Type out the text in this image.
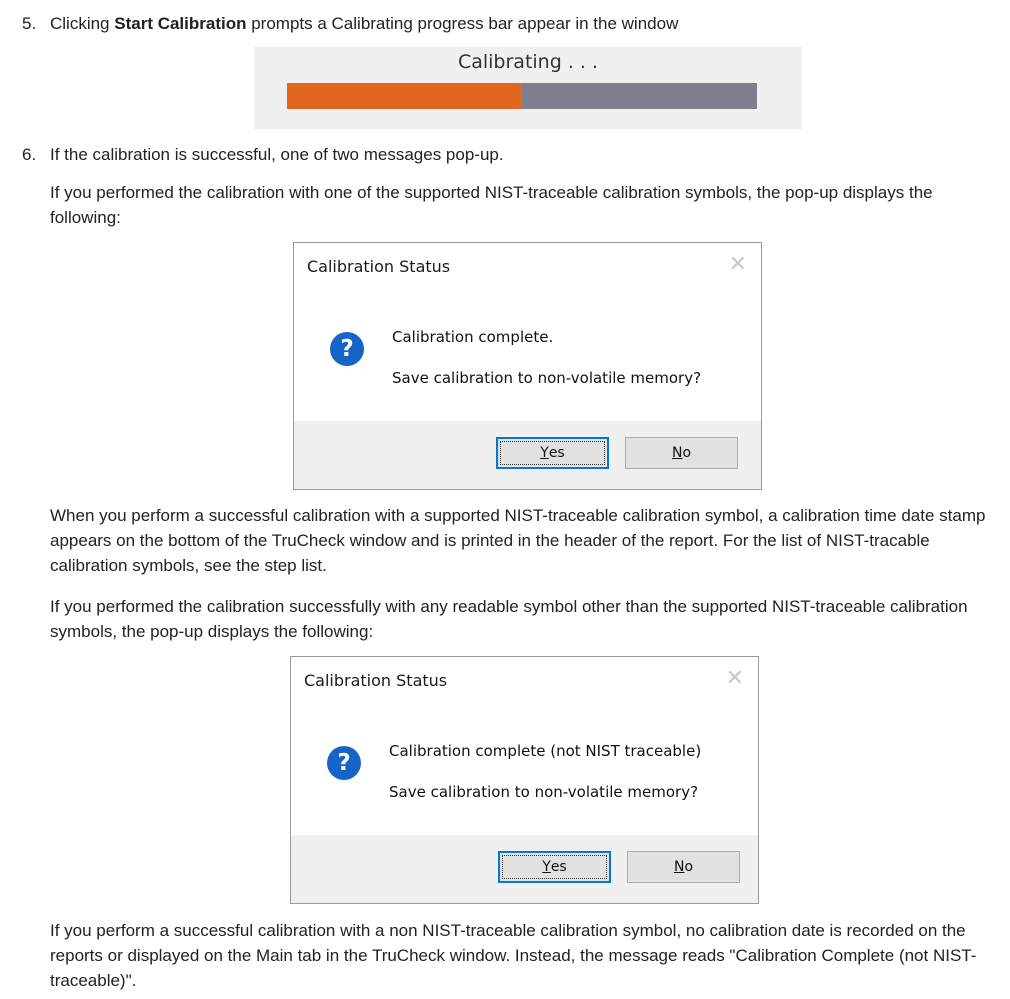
5. Clicking Start Calibration prompts a Calibrating progress bar appear in the window
Calibrating . . .
6. If the calibration is successful, one of two messages pop-up.
If you performed the calibration with one of the supported NIST-traceable calibration symbols, the pop-up displays the following:
Calibration Status	✕
?	Calibration complete.
Save calibration to non-volatile memory?
Y es	N o
When you perform a successful calibration with a supported NIST-traceable calibration symbol, a calibration time date stamp appears on the bottom of the TruCheck window and is printed in the header of the report. For the list of NIST-tracable calibration symbols, see the step list.
If you performed the calibration successfully with any readable symbol other than the supported NIST-traceable calibration symbols, the pop-up displays the following:
Calibration Status	✕
?	Calibration complete (not NIST traceable)
Save calibration to non-volatile memory?
Y es	N o
If you perform a successful calibration with a non NIST-traceable calibration symbol, no calibration date is recorded on the reports or displayed on the Main tab in the TruCheck window. Instead, the message reads "Calibration Complete (not NIST-traceable)".
